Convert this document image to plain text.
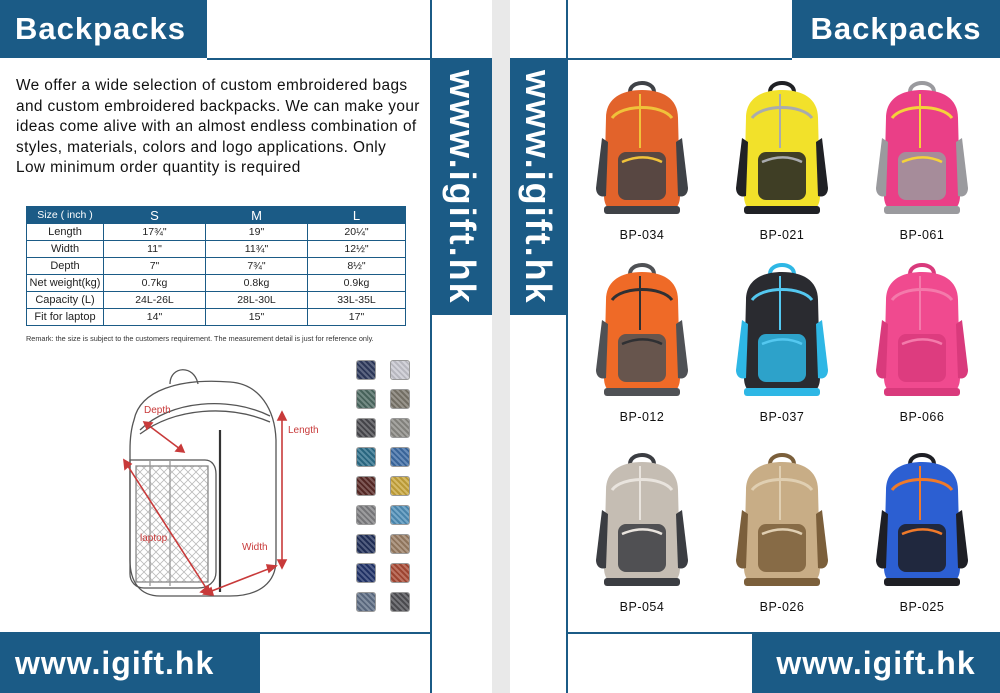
Backpacks
www.igift.hk
We offer a wide selection of custom embroidered bags and custom embroidered backpacks. We can make your ideas come alive with an almost endless combination of styles, materials, colors and logo applications. Only Low minimum order quantity is required
Size ( inch )	S	M	L
Length	17¾"	19"	20¼"
Width	11"	11¾"	12½"
Depth	7"	7¾"	8½"
Net weight(kg)	0.7kg	0.8kg	0.9kg
Capacity (L)	24L-26L	28L-30L	33L-35L
Fit for laptop	14"	15"	17"
Remark: the size is subject to the customers requirement. The measurement detail is just for reference only.
Depth
Length
laptop
Width
www.igift.hk
Backpacks
www.igift.hk	BP-034	BP-021	BP-061
BP-012	BP-037	BP-066
BP-054	BP-026	BP-025
www.igift.hk
